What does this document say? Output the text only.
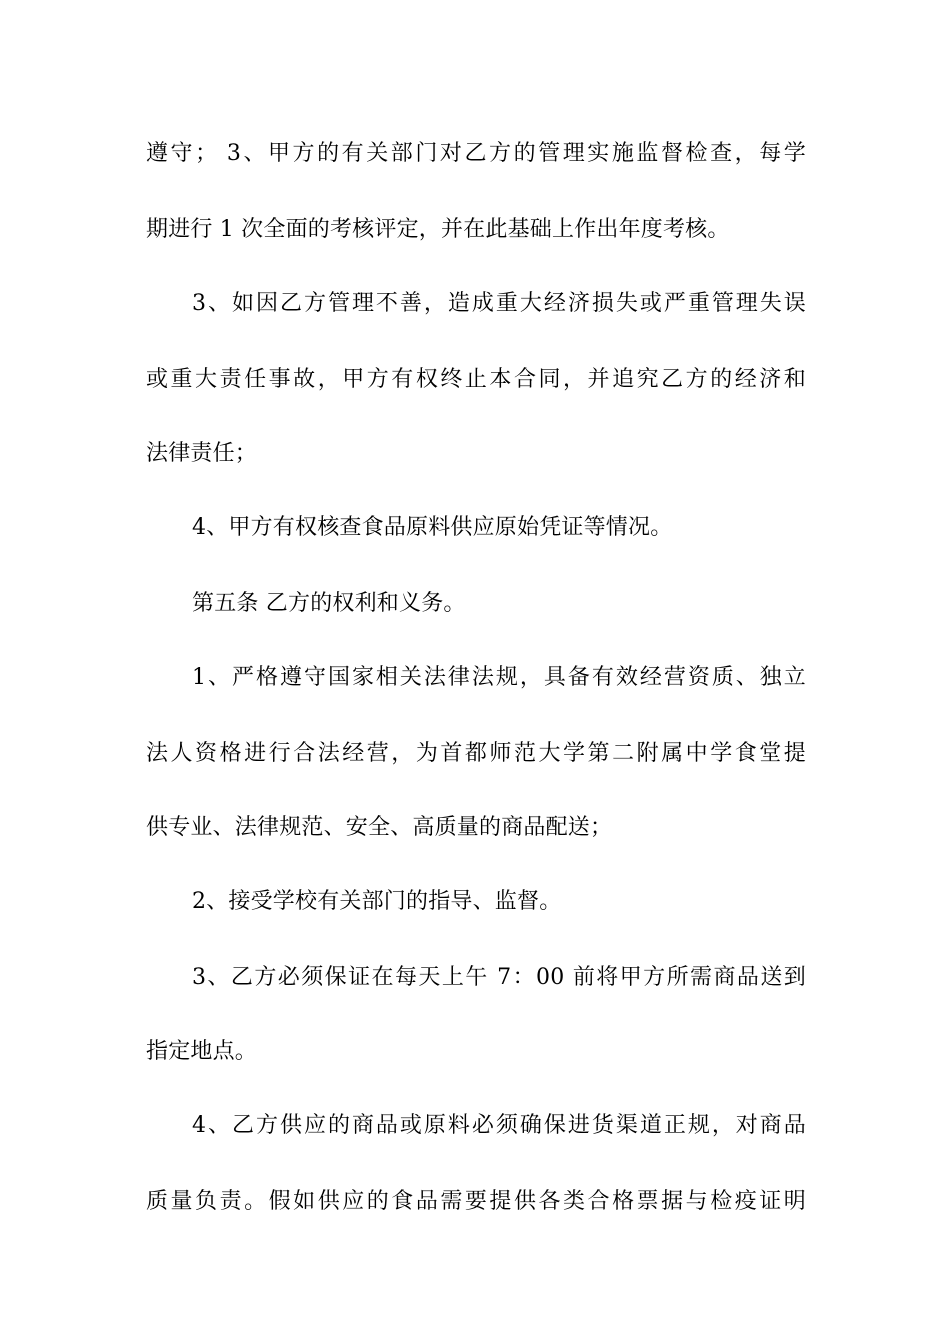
遵守； 3、甲方的有关部门对乙方的管理实施监督检查，每学
期进行 1 次全面的考核评定，并在此基础上作出年度考核。
3、如因乙方管理不善，造成重大经济损失或严重管理失误
或重大责任事故，甲方有权终止本合同，并追究乙方的经济和
法律责任；
4、甲方有权核查食品原料供应原始凭证等情况。
第五条 乙方的权利和义务。
1、严格遵守国家相关法律法规，具备有效经营资质、独立
法人资格进行合法经营，为首都师范大学第二附属中学食堂提
供专业、法律规范、安全、高质量的商品配送；
2、接受学校有关部门的指导、监督。
3、乙方必须保证在每天上午 7：00 前将甲方所需商品送到
指定地点。
4、乙方供应的商品或原料必须确保进货渠道正规，对商品
质量负责。假如供应的食品需要提供各类合格票据与检疫证明
